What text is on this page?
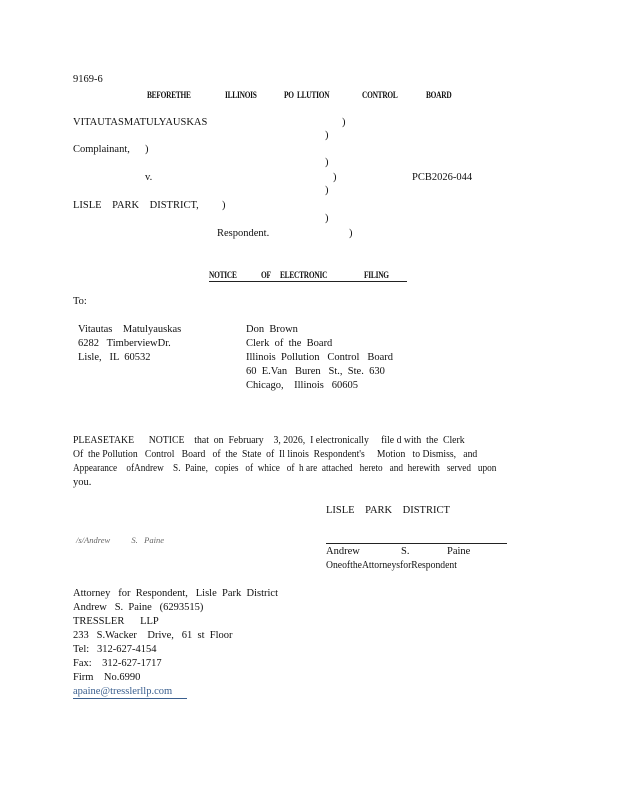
9169-6
BEFORETHE	ILLINOIS	PO  LLUTION	CONTROL	BOARD
VITAUTASMATULYAUSKAS	)
)
Complainant, )
)
v.	)	PCB2026-044
)
LISLE    PARK    DISTRICT, )
)
Respondent.	)
NOTICE	OF ELECTRONIC	FILING
To:
Vitautas    Matulyauskas
6282   TimberviewDr.
Lisle,   IL  60532
Don  Brown
Clerk  of  the  Board
Illinois  Pollution   Control   Board
60  E.Van   Buren   St.,  Ste.  630
Chicago,    Illinois   60605
PLEASETAKE      NOTICE    that  on  February    3, 2026,  I electronically     file d with  the  Clerk
Of  the Pollution   Control   Board   of  the  State  of  Il linois  Respondent's     Motion   to Dismiss,   and
Appearance    ofAndrew    S.  Paine,   copies   of  whice   of  h are  attached   hereto   and  herewith   served   upon
you.
LISLE    PARK    DISTRICT
/s/Andrew          S.   Paine
Andrew	S.	Paine
OneoftheAttorneysforRespondent
Attorney   for  Respondent,   Lisle  Park  District
Andrew   S.  Paine   (6293515)
TRESSLER      LLP
233   S.Wacker    Drive,   61  st  Floor
Tel:   312-627-4154
Fax:    312-627-1717
Firm    No.6990
apaine@tresslerllp.com
